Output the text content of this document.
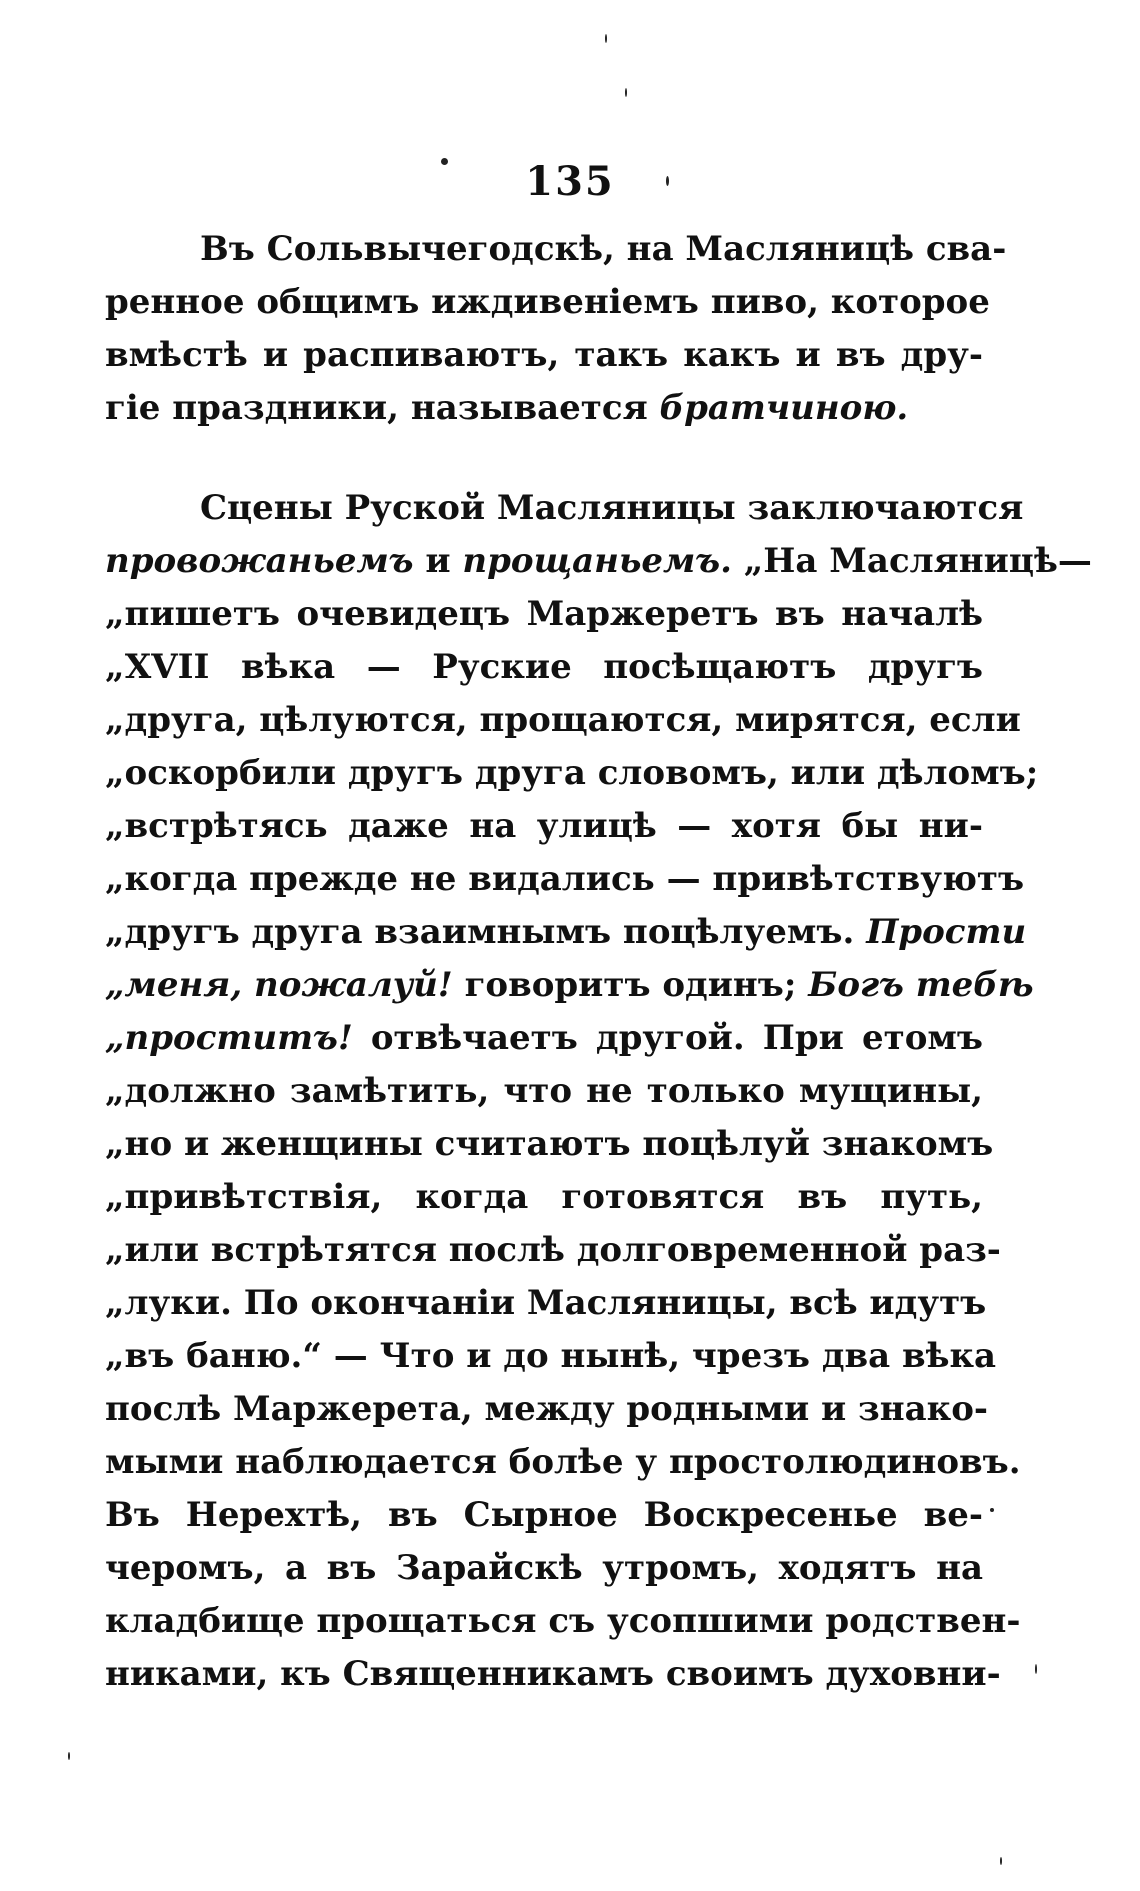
135
Въ Сольвычегодскѣ, на Масляницѣ сва-
ренное общимъ иждивеніемъ пиво, которое
вмѣстѣ и распиваютъ, такъ какъ и въ дру-
гіе праздники, называется братчиною.
Сцены Руской Масляницы заключаются
провожаньемъ и прощаньемъ. „На Масляницѣ—
„пишетъ очевидецъ Маржеретъ въ началѣ
„XVII вѣка — Руские посѣщаютъ другъ
„друга, цѣлуются, прощаются, мирятся, если
„оскорбили другъ друга словомъ, или дѣломъ;
„встрѣтясь даже на улицѣ — хотя бы ни-
„когда прежде не видались — привѣтствуютъ
„другъ друга взаимнымъ поцѣлуемъ. Прости
„меня, пожалуй! говоритъ одинъ; Богъ тебѣ
„проститъ! отвѣчаетъ другой. При етомъ
„должно замѣтить, что не только мущины,
„но и женщины считаютъ поцѣлуй знакомъ
„привѣтствія, когда готовятся въ путь,
„или встрѣтятся послѣ долговременной раз-
„луки. По окончаніи Масляницы, всѣ идутъ
„въ баню.“ — Что и до нынѣ, чрезъ два вѣка
послѣ Маржерета, между родными и знако-
мыми наблюдается болѣе у простолюдиновъ.
Въ Нерехтѣ, въ Сырное Воскресенье ве-
черомъ, а въ Зарайскѣ утромъ, ходятъ на
кладбище прощаться съ усопшими родствен-
никами, къ Священникамъ своимъ духовни-
